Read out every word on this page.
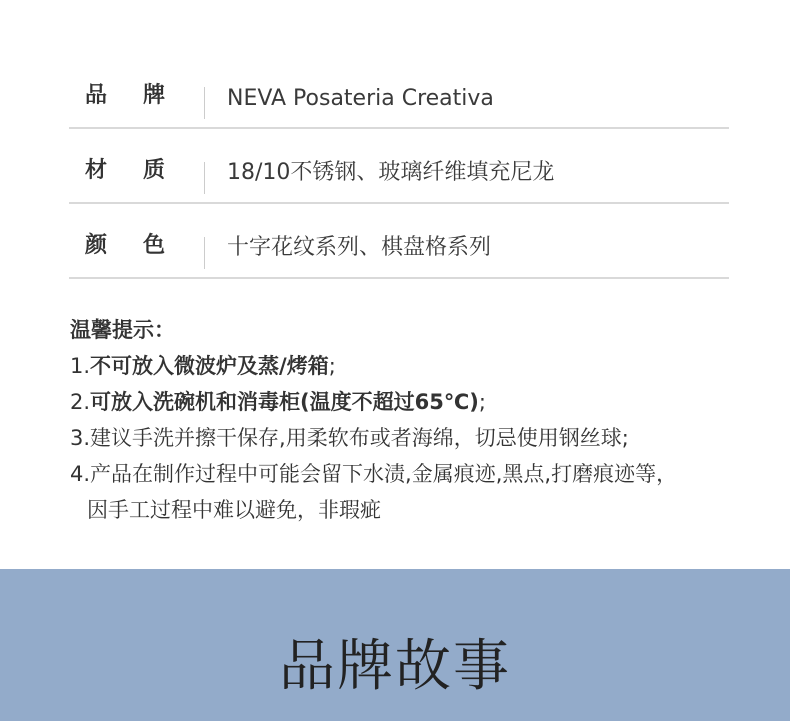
品 牌	NEVA Posateria Creativa
材 质	18/10不锈钢、玻璃纤维填充尼龙
颜 色	十字花纹系列、棋盘格系列
温馨提示：
1.不可放入微波炉及蒸/烤箱;
2.可放入洗碗机和消毒柜(温度不超过65℃);
3.建议手洗并擦干保存,用柔软布或者海绵，切忌使用钢丝球;
4.产品在制作过程中可能会留下水渍,金属痕迹,黑点,打磨痕迹等，
因手工过程中难以避免，非瑕疵
品牌故事
